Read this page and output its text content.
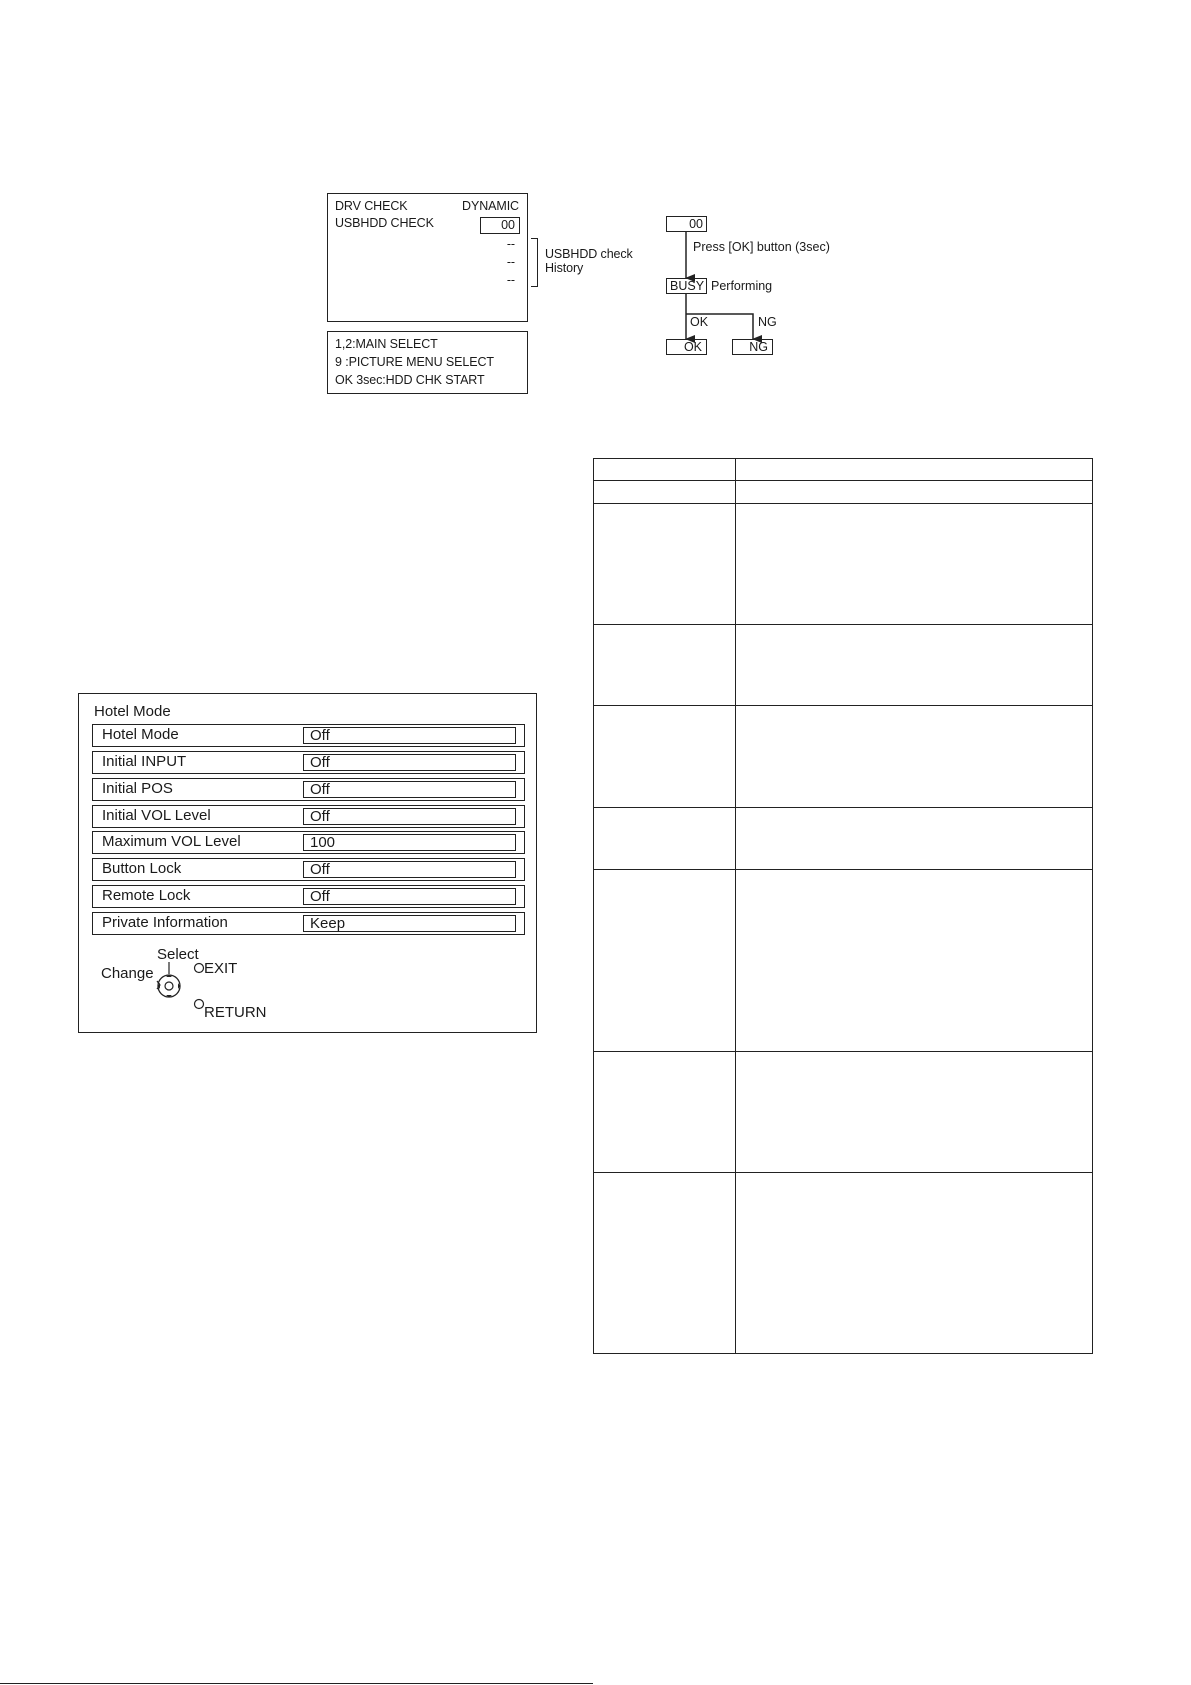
DRV CHECK	DYNAMIC
USBHDD CHECK	00
--
--
--
USBHDD check
History
1,2:MAIN SELECT
9 :PICTURE MENU SELECT
OK 3sec:HDD CHK START
00
Press [OK] button (3sec)
BUSY Performing
OK	NG
OK	NG
Hotel Mode
Hotel Mode	Off
Initial INPUT	Off
Initial POS	Off
Initial VOL Level	Off
Maximum VOL Level	100
Button Lock	Off
Remote Lock	Off
Private Information	Keep
Select
Change	EXIT
RETURN
